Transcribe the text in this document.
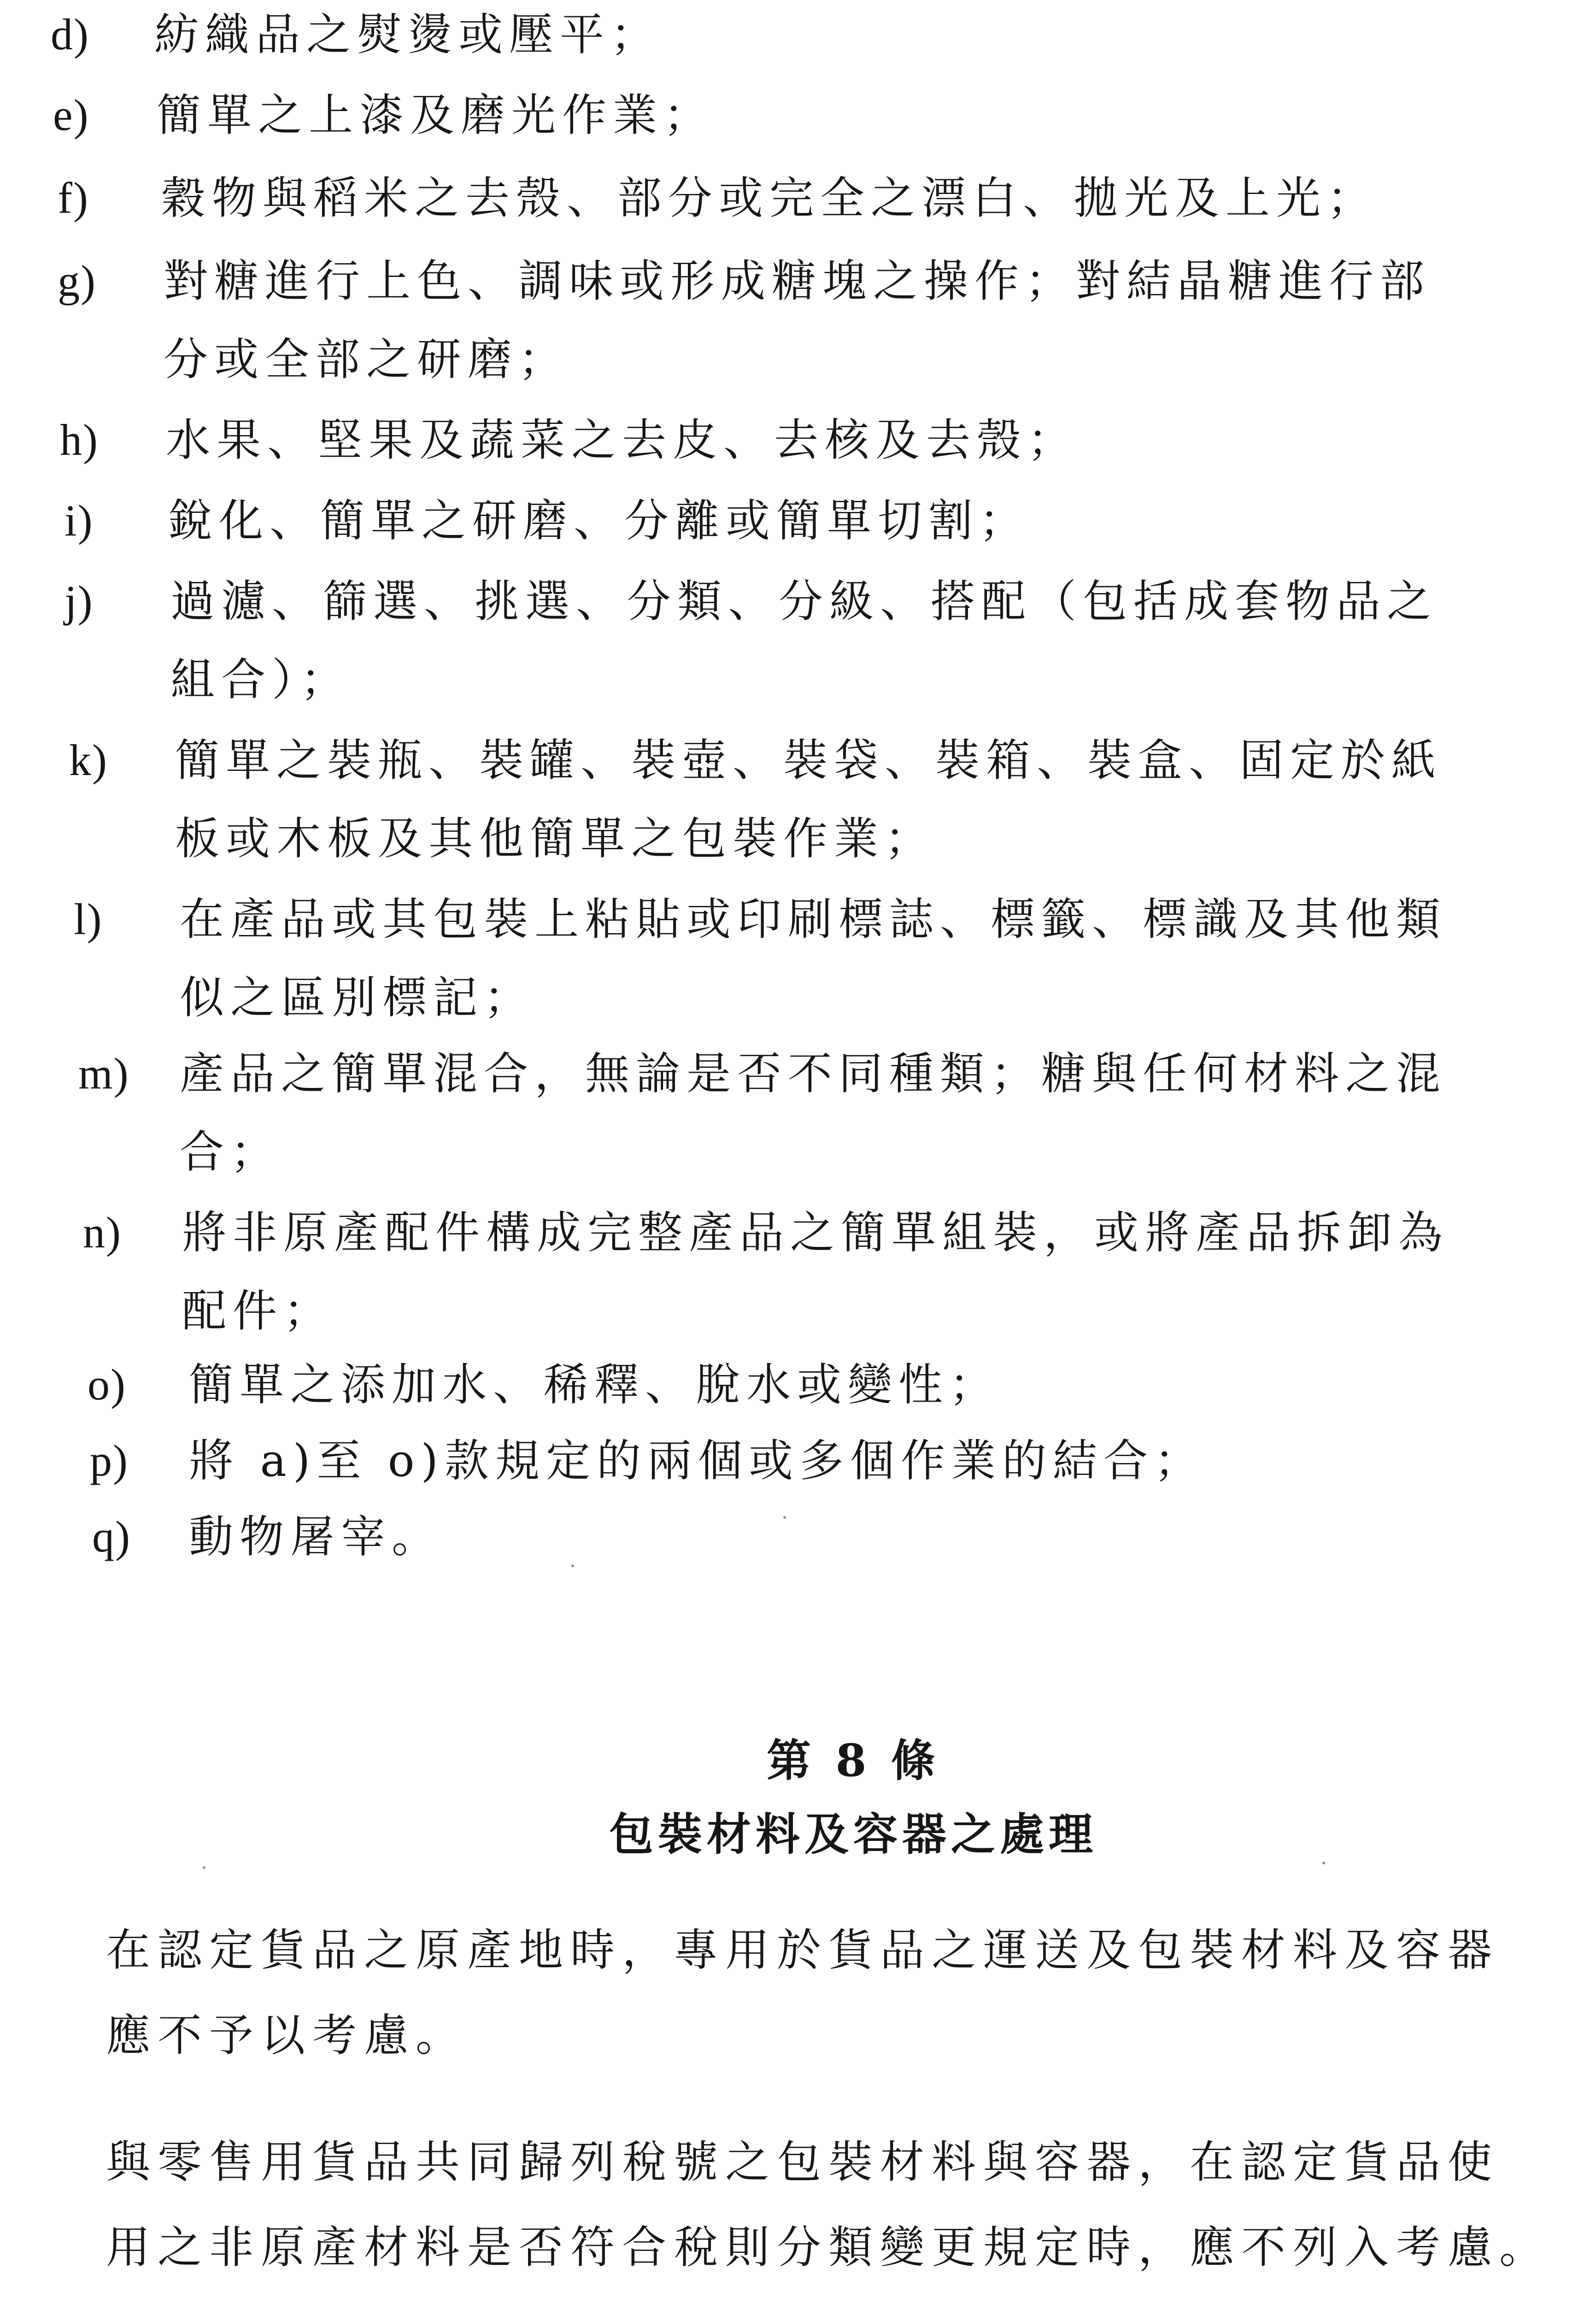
d) 紡織品之熨燙或壓平；
e) 簡單之上漆及磨光作業；
f) 穀物與稻米之去殼、部分或完全之漂白、拋光及上光；
g) 對糖進行上色、調味或形成糖塊之操作；對結晶糖進行部
分或全部之研磨；
h) 水果、堅果及蔬菜之去皮、去核及去殼；
i) 銳化、簡單之研磨、分離或簡單切割；
j) 過濾、篩選、挑選、分類、分級、搭配（包括成套物品之
組合）；
k) 簡單之裝瓶、裝罐、裝壺、裝袋、裝箱、裝盒、固定於紙
板或木板及其他簡單之包裝作業；
l) 在產品或其包裝上粘貼或印刷標誌、標籤、標識及其他類
似之區別標記；
m) 產品之簡單混合，無論是否不同種類；糖與任何材料之混
合；
n) 將非原產配件構成完整產品之簡單組裝，或將產品拆卸為
配件；
o) 簡單之添加水、稀釋、脫水或變性；
p) 將 a)至 o)款規定的兩個或多個作業的結合；
q) 動物屠宰。
第 8 條
包裝材料及容器之處理
在認定貨品之原產地時，專用於貨品之運送及包裝材料及容器
應不予以考慮。
與零售用貨品共同歸列稅號之包裝材料與容器，在認定貨品使
用之非原產材料是否符合稅則分類變更規定時，應不列入考慮。
